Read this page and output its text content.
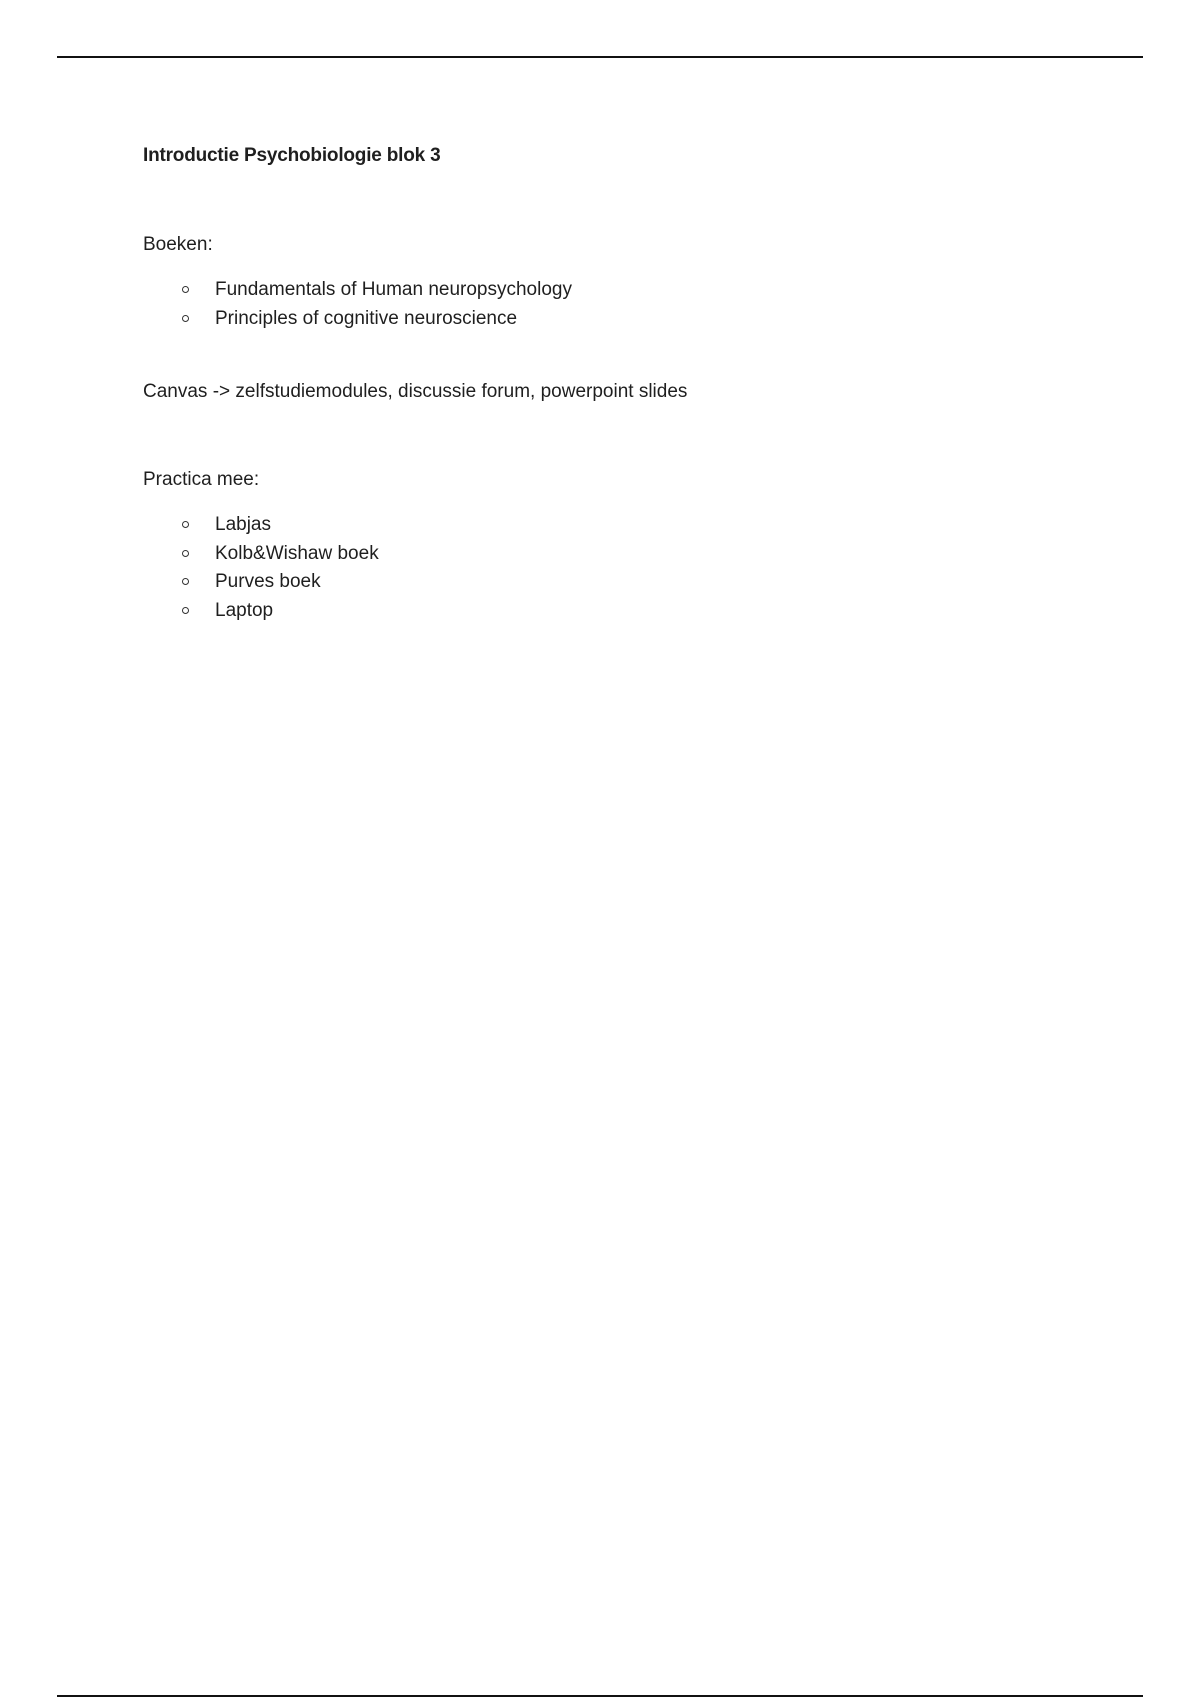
Introductie Psychobiologie blok 3

Boeken:

Fundamentals of Human neuropsychology
Principles of cognitive neuroscience

Canvas -> zelfstudiemodules, discussie forum, powerpoint slides

Practica mee:

Labjas
Kolb&Wishaw boek
Purves boek
Laptop
